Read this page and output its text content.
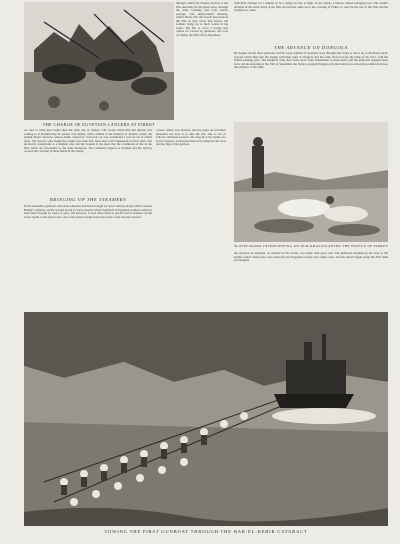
THE CHARGE OF EGYPTIAN LANCERS AT FIRKET
through which the Eastern branch of the Nile descends for the great water, through the dark, foaming and rock strewn passage. The unsuccessful entering, which shows that the floods had risen in the Nile as they never had before, the soldiers being up to their waists in the water. The hill to cross a bridge that cannot be carried by gunboats, the rock of change the Nile's flow elsewhere.
with little damage for a minute or two, being set free to fight on the rapids, a narrow ruined swinging boat. The Jaaffer division of the army being at the falls and moved camp on to the crossing of Firket, to wait for the rise of the Nile and the steamers to come.
THE ADVANCE ON DONGOLA
By August all the three gunboats and the large number of steamers were through and ready to move on to the Hafir reach, beyond which they met the enemy with their guns at Dongola and the army moved on up the bank of the river, with the flotilla keeping pace. The Khalifa's army had come down from Omdurman to meet them, and the gunboats engaged their forts. On the morning of the 19th of September the Sirdar occupied Dongola, the Dervish forces retreating southward before the advance of the army.
are tied to camp near Firket died the same day of cholera. The works which that kill disease was coming to at Kosheh may be passed over lightly, with a tribute to the memory of another victim, the gallant Major Sparrow, whose death, caused by overwork, as was considered a loss by all of which army. The doctors who fought the plague and some fell, have been well considered as brave men. The uncleanly countryside is a singular one, but the Soudan is the most that the conditions of life in the Nile valley are favourable to the same invasions. The combined regions at Kosheh and the railway crossed the crossing of these fields in the spring.
BRINGING UP THE STEAMERS
In the meantime gunboats and stern-wheelers had been brought by travel railway along which Colonel Hunter's division, on the second ascent to Sarras Kerma where hundreds of Egyptian soldiers waited to haul them through by ropes of guns, and hawsers. It took these three to get the seven steamers up the lower rapids to the Great Gate, one of the narrow gorges between rocks of the Second Cataract.
course, wheel rope hawsers and the ropes are attached, thereafter the bow is to take the left, and so are as follows: sheltered seated to the drag in to the rapids of a Great Cataract. A thousand men were ranged in the river and the flag of the gunboat.
SLATIN PASHA INTERVIEWING AN OLD KHALIFA AFTER THE BATTLE OF FIRKET
the advance on Dongola, as ordered by the Sirdar, was made with great care. The gunboats steamed up the river to the Kerma rapids where they were joined by the Egyptian cavalry and camel corps, and the march began along the Nile bank for Dongola.
TOWING THE FIRST GUNBOAT THROUGH THE BAB-EL-KEBIR CATARACT
